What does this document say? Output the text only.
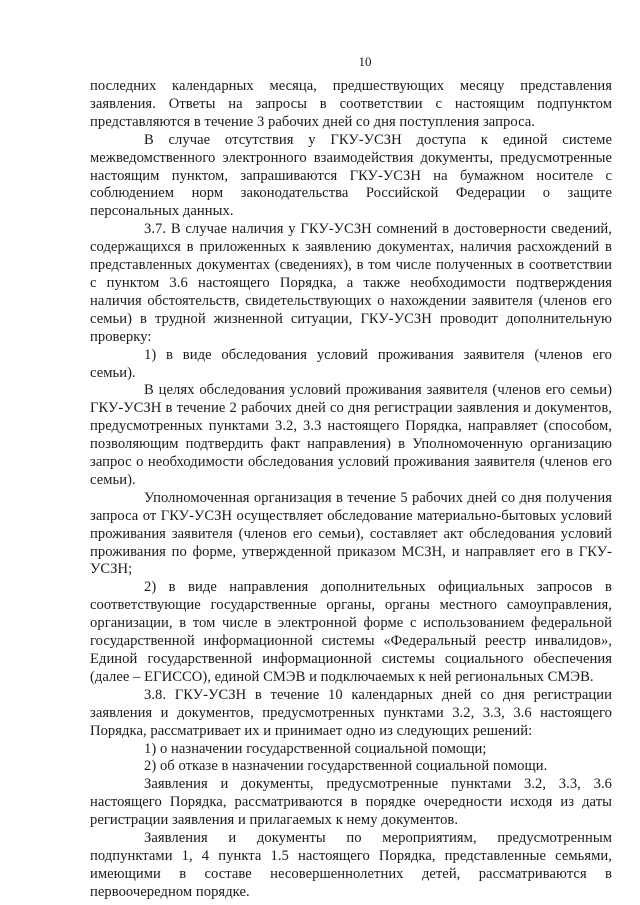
10

последних календарных месяца, предшествующих месяцу представления заявления. Ответы на запросы в соответствии с настоящим подпунктом представляются в течение 3 рабочих дней со дня поступления запроса.

В случае отсутствия у ГКУ-УСЗН доступа к единой системе межведомственного электронного взаимодействия документы, предусмотренные настоящим пунктом, запрашиваются ГКУ-УСЗН на бумажном носителе с соблюдением норм законодательства Российской Федерации о защите персональных данных.

3.7. В случае наличия у ГКУ-УСЗН сомнений в достоверности сведений, содержащихся в приложенных к заявлению документах, наличия расхождений в представленных документах (сведениях), в том числе полученных в соответствии с пунктом 3.6 настоящего Порядка, а также необходимости подтверждения наличия обстоятельств, свидетельствующих о нахождении заявителя (членов его семьи) в трудной жизненной ситуации, ГКУ-УСЗН проводит дополнительную проверку:

1) в виде обследования условий проживания заявителя (членов его семьи).

В целях обследования условий проживания заявителя (членов его семьи) ГКУ-УСЗН в течение 2 рабочих дней со дня регистрации заявления и документов, предусмотренных пунктами 3.2, 3.3 настоящего Порядка, направляет (способом, позволяющим подтвердить факт направления) в Уполномоченную организацию запрос о необходимости обследования условий проживания заявителя (членов его семьи).

Уполномоченная организация в течение 5 рабочих дней со дня получения запроса от ГКУ-УСЗН осуществляет обследование материально-бытовых условий проживания заявителя (членов его семьи), составляет акт обследования условий проживания по форме, утвержденной приказом МСЗН, и направляет его в ГКУ-УСЗН;

2) в виде направления дополнительных официальных запросов в соответствующие государственные органы, органы местного самоуправления, организации, в том числе в электронной форме с использованием федеральной государственной информационной системы «Федеральный реестр инвалидов», Единой государственной информационной системы социального обеспечения (далее – ЕГИССО), единой СМЭВ и подключаемых к ней региональных СМЭВ.

3.8. ГКУ-УСЗН в течение 10 календарных дней со дня регистрации заявления и документов, предусмотренных пунктами 3.2, 3.3, 3.6 настоящего Порядка, рассматривает их и принимает одно из следующих решений:

1) о назначении государственной социальной помощи;

2) об отказе в назначении государственной социальной помощи.

Заявления и документы, предусмотренные пунктами 3.2, 3.3, 3.6 настоящего Порядка, рассматриваются в порядке очередности исходя из даты регистрации заявления и прилагаемых к нему документов.

Заявления и документы по мероприятиям, предусмотренным подпунктами 1, 4 пункта 1.5 настоящего Порядка, представленные семьями, имеющими в составе несовершеннолетних детей, рассматриваются в первоочередном порядке.
